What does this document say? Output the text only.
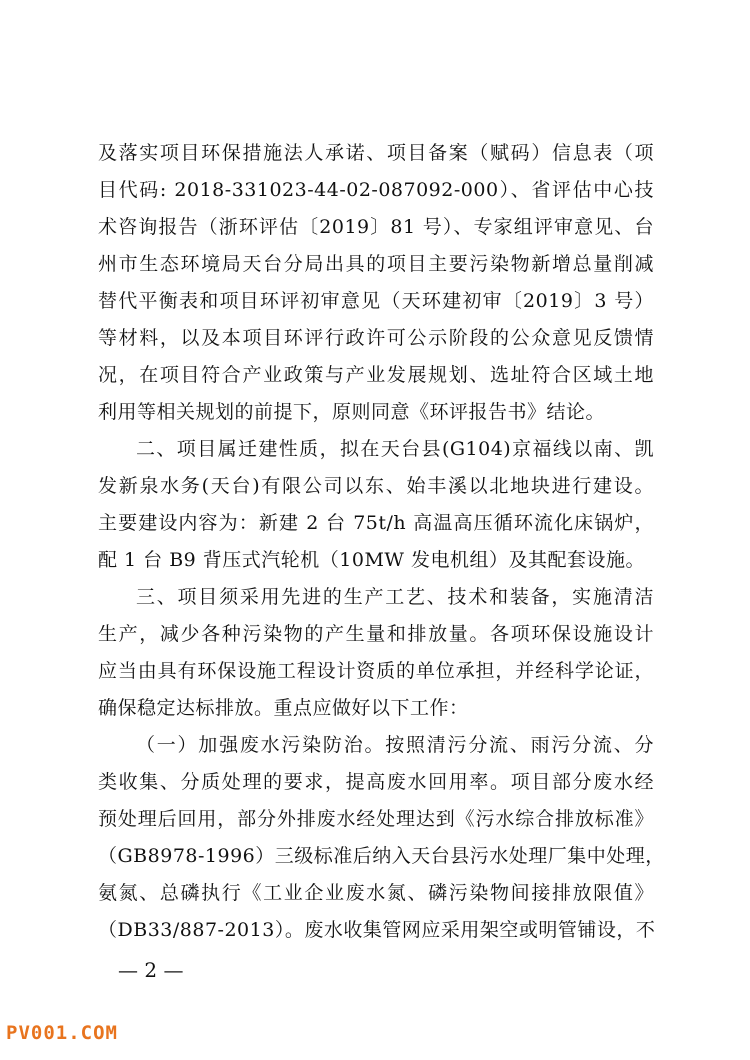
及落实项目环保措施法人承诺、项目备案（赋码）信息表（项
目代码: 2018-331023-44-02-087092-000）、省评估中心技
术咨询报告（浙环评估〔2019〕81 号）、专家组评审意见、台
州市生态环境局天台分局出具的项目主要污染物新增总量削减
替代平衡表和项目环评初审意见（天环建初审〔2019〕3 号）
等材料，以及本项目环评行政许可公示阶段的公众意见反馈情
况，在项目符合产业政策与产业发展规划、选址符合区域土地
利用等相关规划的前提下，原则同意《环评报告书》结论。
二、项目属迁建性质，拟在天台县(G104)京福线以南、凯
发新泉水务(天台)有限公司以东、始丰溪以北地块进行建设。
主要建设内容为：新建 2 台 75t/h 高温高压循环流化床锅炉，
配 1 台 B9 背压式汽轮机（10MW 发电机组）及其配套设施。
三、项目须采用先进的生产工艺、技术和装备，实施清洁
生产，减少各种污染物的产生量和排放量。各项环保设施设计
应当由具有环保设施工程设计资质的单位承担，并经科学论证，
确保稳定达标排放。重点应做好以下工作：
（一）加强废水污染防治。按照清污分流、雨污分流、分
类收集、分质处理的要求，提高废水回用率。项目部分废水经
预处理后回用，部分外排废水经处理达到《污水综合排放标准》
（GB8978-1996）三级标准后纳入天台县污水处理厂集中处理，
氨氮、总磷执行《工业企业废水氮、磷污染物间接排放限值》
（DB33/887-2013）。废水收集管网应采用架空或明管铺设，不
— 2 —
PV001.COM
